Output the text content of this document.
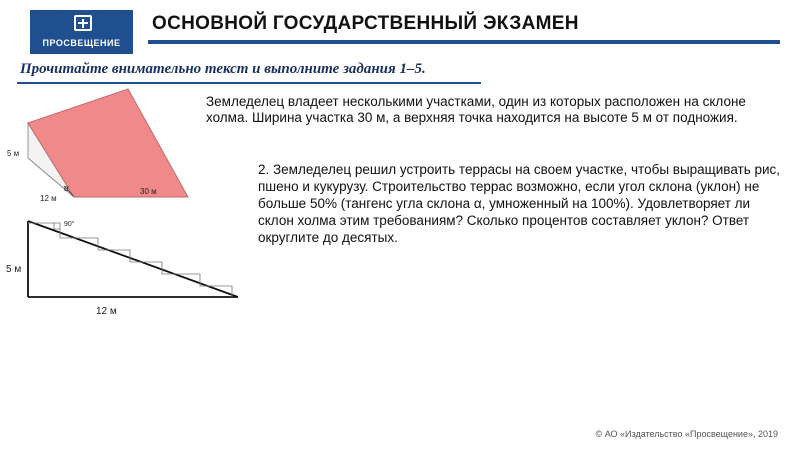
ПРОСВЕЩЕНИЕ
ОСНОВНОЙ ГОСУДАРСТВЕННЫЙ ЭКЗАМЕН
Прочитайте внимательно текст и выполните задания 1–5.
5 м
12 м
30 м
α
90°
5 м
12 м
Земледелец владеет несколькими участками, один из которых расположен на склоне холма. Ширина участка 30 м, а верхняя точка находится на высоте 5 м от подножия.
2. Земледелец решил устроить террасы на своем участке, чтобы выращивать рис, пшено и кукурузу. Строительство террас возможно, если угол склона (уклон) не больше 50% (тангенс угла склона α, умноженный на 100%). Удовлетворяет ли склон холма этим требованиям? Сколько процентов составляет уклон? Ответ округлите до десятых.
© АО «Издательство «Просвещение», 2019
